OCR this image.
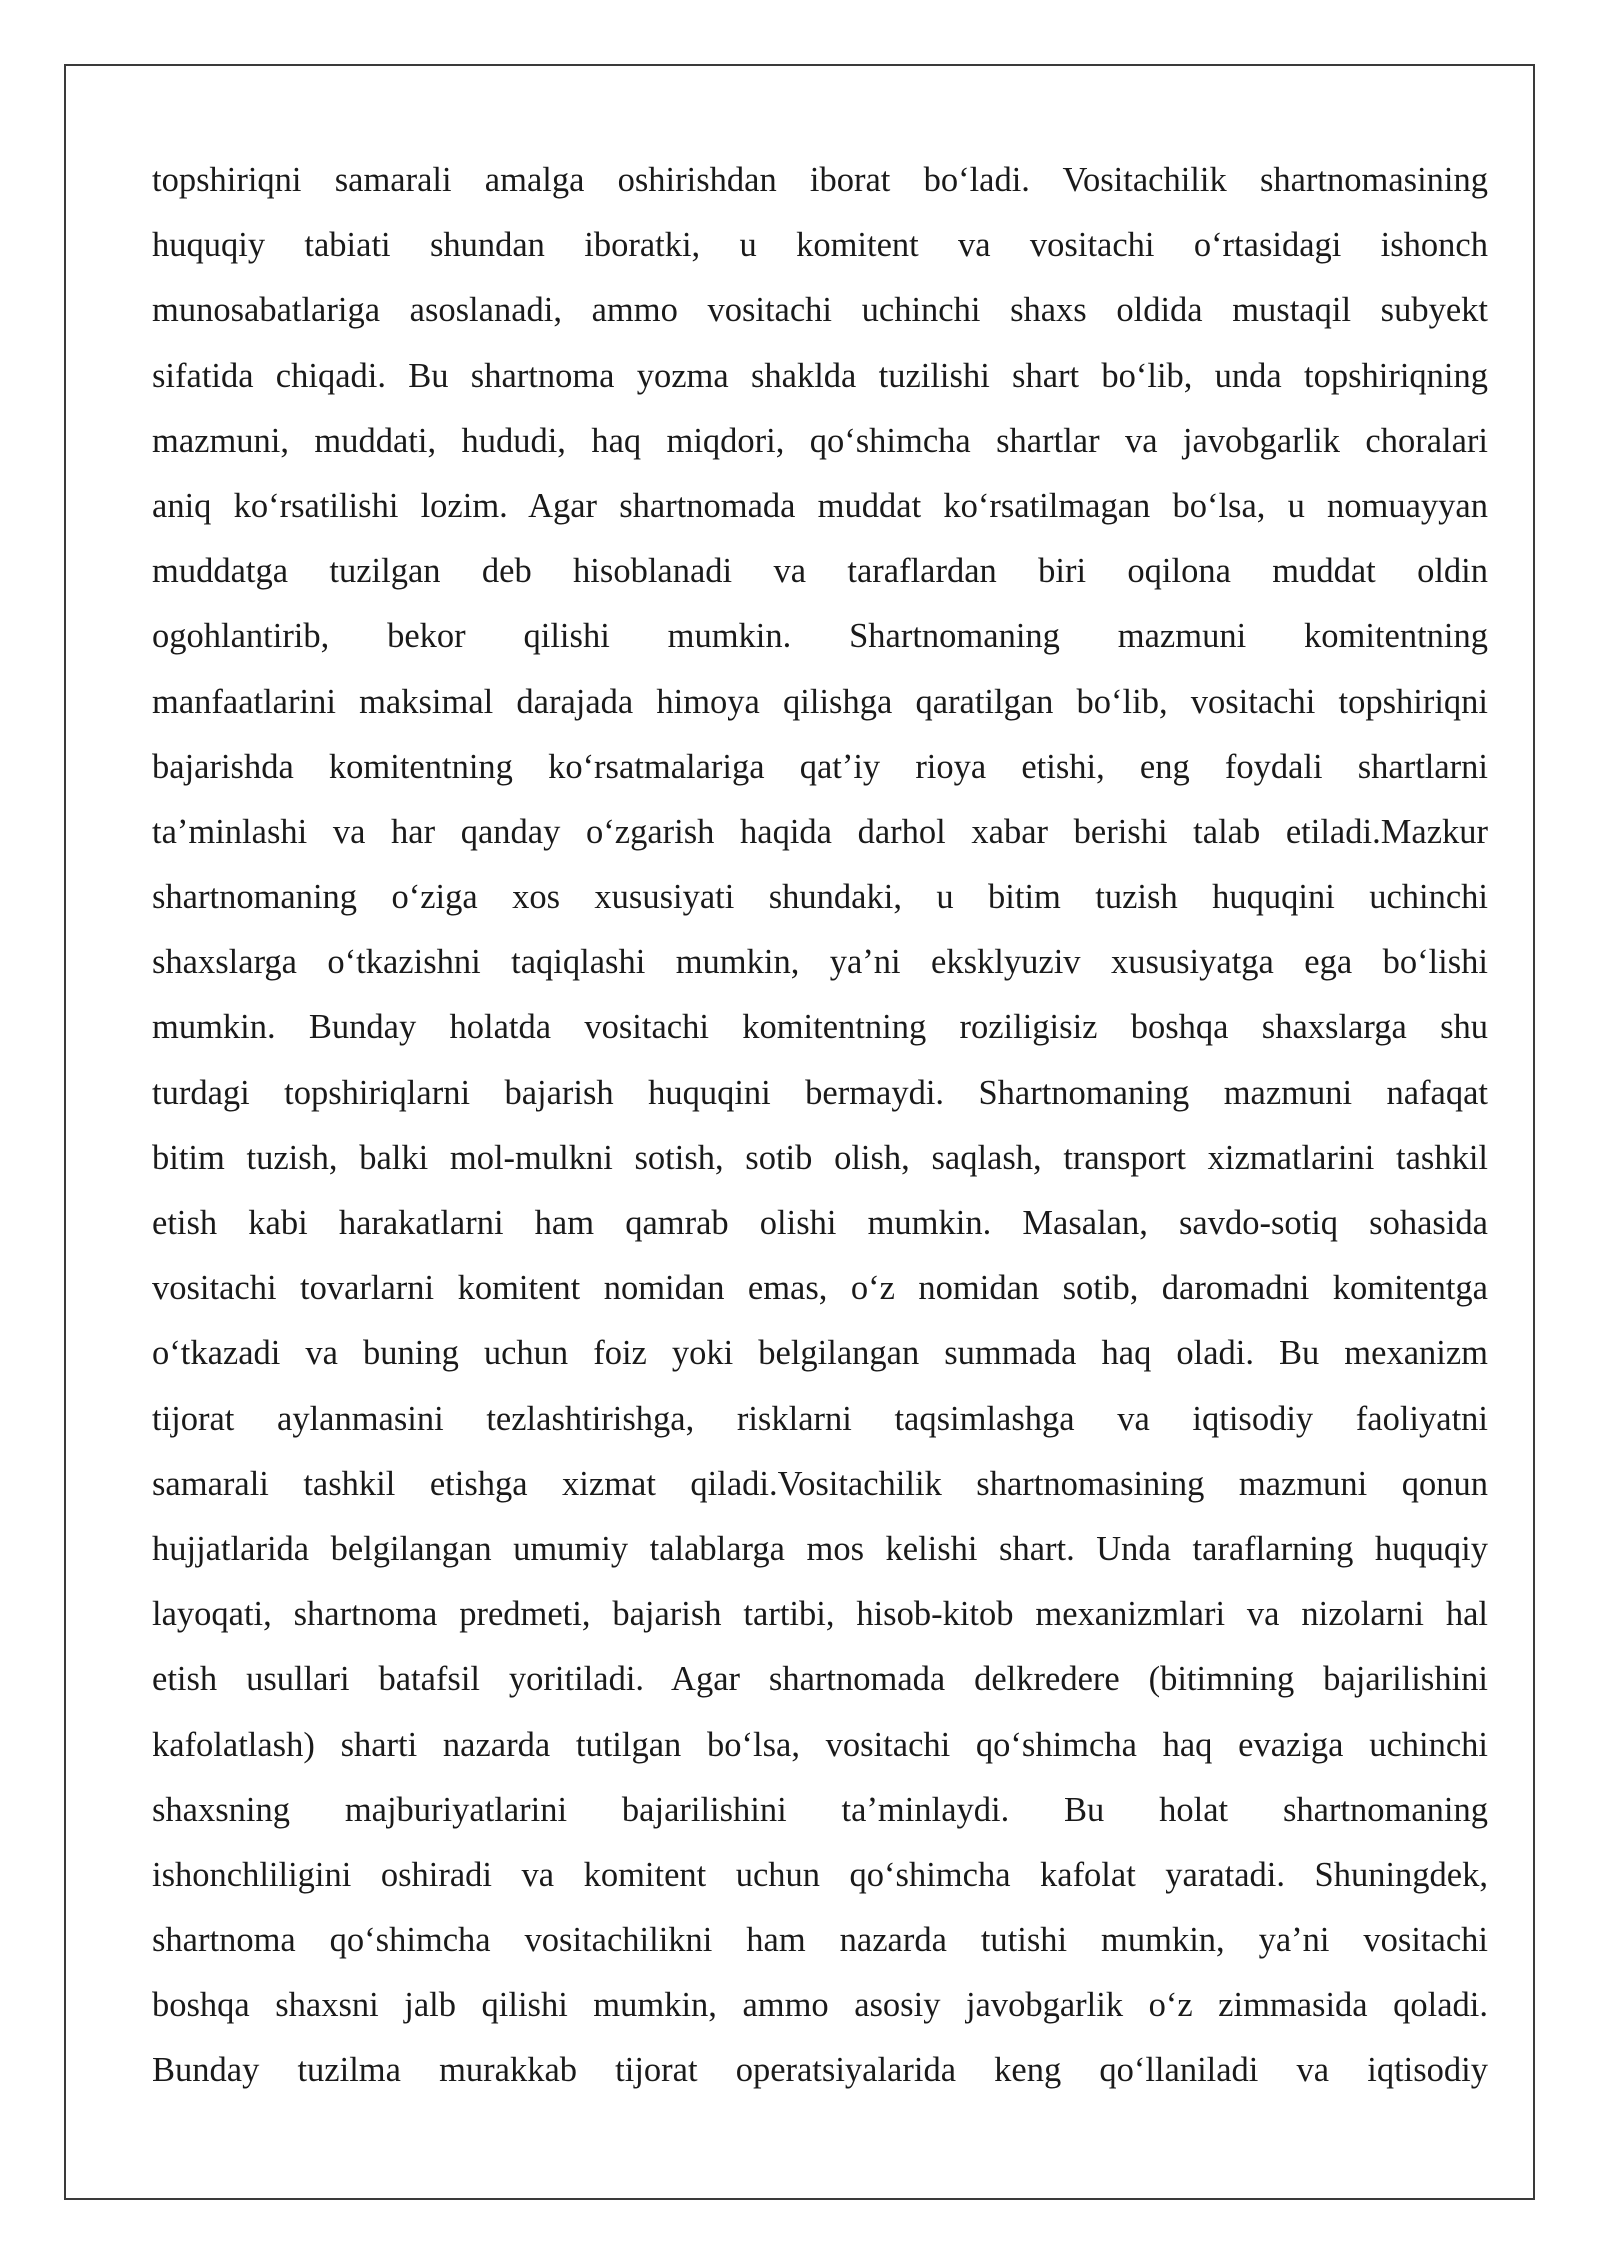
topshiriqni samarali amalga oshirishdan iborat boʻladi. Vositachilik shartnomasining
huquqiy tabiati shundan iboratki, u komitent va vositachi oʻrtasidagi ishonch
munosabatlariga asoslanadi, ammo vositachi uchinchi shaxs oldida mustaqil subyekt
sifatida chiqadi. Bu shartnoma yozma shaklda tuzilishi shart boʻlib, unda topshiriqning
mazmuni, muddati, hududi, haq miqdori, qoʻshimcha shartlar va javobgarlik choralari
aniq koʻrsatilishi lozim. Agar shartnomada muddat koʻrsatilmagan boʻlsa, u nomuayyan
muddatga tuzilgan deb hisoblanadi va taraflardan biri oqilona muddat oldin
ogohlantirib, bekor qilishi mumkin. Shartnomaning mazmuni komitentning
manfaatlarini maksimal darajada himoya qilishga qaratilgan boʻlib, vositachi topshiriqni
bajarishda komitentning koʻrsatmalariga qatʼiy rioya etishi, eng foydali shartlarni
taʼminlashi va har qanday oʻzgarish haqida darhol xabar berishi talab etiladi.Mazkur
shartnomaning oʻziga xos xususiyati shundaki, u bitim tuzish huquqini uchinchi
shaxslarga oʻtkazishni taqiqlashi mumkin, yaʼni eksklyuziv xususiyatga ega boʻlishi
mumkin. Bunday holatda vositachi komitentning roziligisiz boshqa shaxslarga shu
turdagi topshiriqlarni bajarish huquqini bermaydi. Shartnomaning mazmuni nafaqat
bitim tuzish, balki mol-mulkni sotish, sotib olish, saqlash, transport xizmatlarini tashkil
etish kabi harakatlarni ham qamrab olishi mumkin. Masalan, savdo-sotiq sohasida
vositachi tovarlarni komitent nomidan emas, oʻz nomidan sotib, daromadni komitentga
oʻtkazadi va buning uchun foiz yoki belgilangan summada haq oladi. Bu mexanizm
tijorat aylanmasini tezlashtirishga, risklarni taqsimlashga va iqtisodiy faoliyatni
samarali tashkil etishga xizmat qiladi.Vositachilik shartnomasining mazmuni qonun
hujjatlarida belgilangan umumiy talablarga mos kelishi shart. Unda taraflarning huquqiy
layoqati, shartnoma predmeti, bajarish tartibi, hisob-kitob mexanizmlari va nizolarni hal
etish usullari batafsil yoritiladi. Agar shartnomada delkredere (bitimning bajarilishini
kafolatlash) sharti nazarda tutilgan boʻlsa, vositachi qoʻshimcha haq evaziga uchinchi
shaxsning majburiyatlarini bajarilishini taʼminlaydi. Bu holat shartnomaning
ishonchliligini oshiradi va komitent uchun qoʻshimcha kafolat yaratadi. Shuningdek,
shartnoma qoʻshimcha vositachilikni ham nazarda tutishi mumkin, yaʼni vositachi
boshqa shaxsni jalb qilishi mumkin, ammo asosiy javobgarlik oʻz zimmasida qoladi.
Bunday tuzilma murakkab tijorat operatsiyalarida keng qoʻllaniladi va iqtisodiy
